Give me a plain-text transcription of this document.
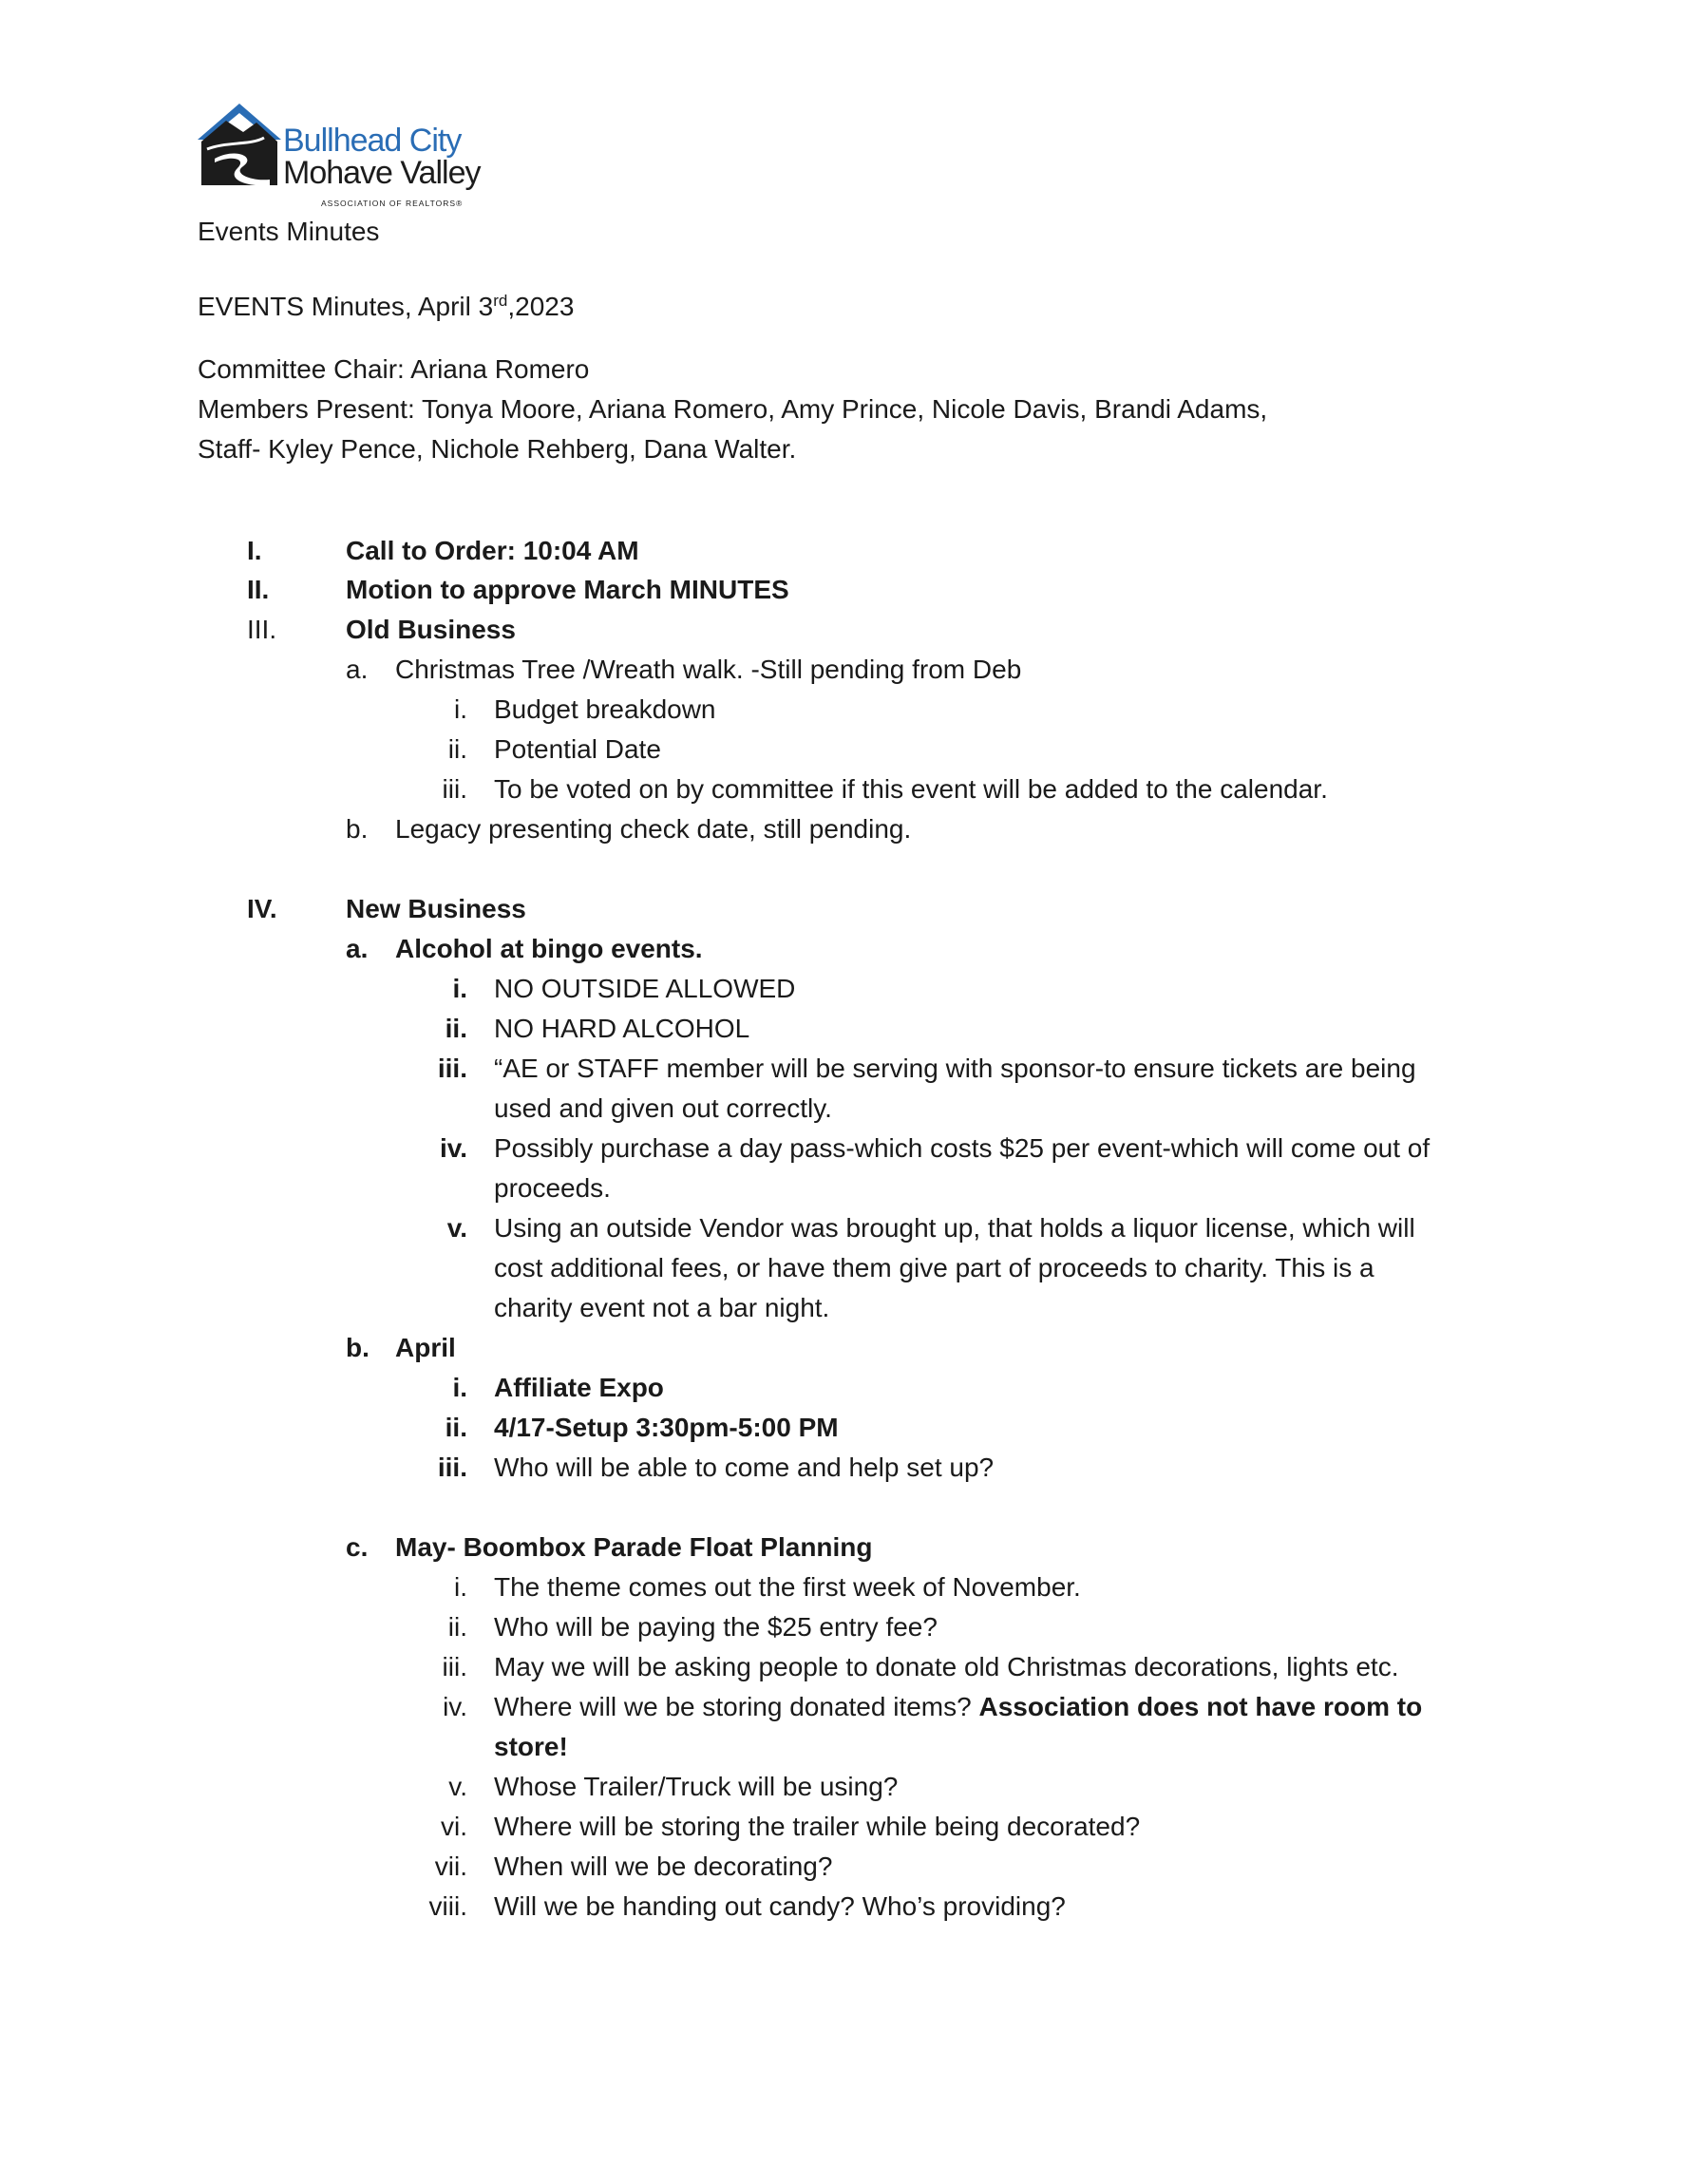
Bullhead City
Mohave Valley
ASSOCIATION OF REALTORS®
Events Minutes
EVENTS Minutes, April 3rd,2023
Committee Chair: Ariana Romero
Members Present: Tonya Moore, Ariana Romero, Amy Prince, Nicole Davis, Brandi Adams,
Staff- Kyley Pence, Nichole Rehberg, Dana Walter.
I.	Call to Order: 10:04 AM
II.	Motion to approve March MINUTES
III.	Old Business
a. Christmas Tree /Wreath walk. -Still pending from Deb
i. Budget breakdown
ii. Potential Date
iii. To be voted on by committee if this event will be added to the calendar.
b. Legacy presenting check date, still pending.
IV.	New Business
a. Alcohol at bingo events.
i. NO OUTSIDE ALLOWED
ii. NO HARD ALCOHOL
iii. “AE or STAFF member will be serving with sponsor-to ensure tickets are being
used and given out correctly.
iv. Possibly purchase a day pass-which costs $25 per event-which will come out of
proceeds.
v. Using an outside Vendor was brought up, that holds a liquor license, which will
cost additional fees, or have them give part of proceeds to charity. This is a
charity event not a bar night.
b. April
i. Affiliate Expo
ii. 4/17-Setup 3:30pm-5:00 PM
iii. Who will be able to come and help set up?
c. May- Boombox Parade Float Planning
i. The theme comes out the first week of November.
ii. Who will be paying the $25 entry fee?
iii. May we will be asking people to donate old Christmas decorations, lights etc.
iv. Where will we be storing donated items? Association does not have room to
store!
v. Whose Trailer/Truck will be using?
vi. Where will be storing the trailer while being decorated?
vii. When will we be decorating?
viii. Will we be handing out candy? Who’s providing?
